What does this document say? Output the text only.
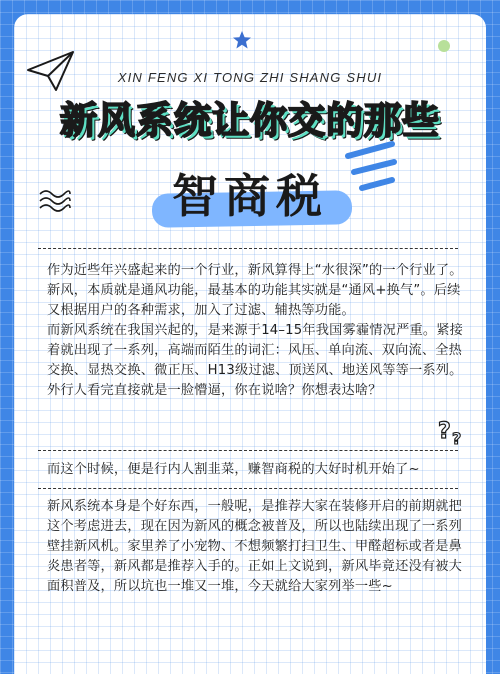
? ?
XIN FENG XI TONG ZHI SHANG SHUI
新风系统让你交的那些
智商税

作为近些年兴盛起来的一个行业，新风算得上“水很深”的一个行业了。

新风，本质就是通风功能，最基本的功能其实就是“通风+换气”。后续又根据用户的各种需求，加入了过滤、辅热等功能。

而新风系统在我国兴起的，是来源于14–15年我国雾霾情况严重。紧接着就出现了一系列，高端而陌生的词汇：风压、单向流、双向流、全热交换、显热交换、微正压、H13级过滤、顶送风、地送风等等一系列。外行人看完直接就是一脸懵逼，你在说啥？你想表达啥？

而这个时候，便是行内人割韭菜，赚智商税的大好时机开始了~

新风系统本身是个好东西，一般呢，是推荐大家在装修开启的前期就把这个考虑进去，现在因为新风的概念被普及，所以也陆续出现了一系列壁挂新风机。家里养了小宠物、不想频繁打扫卫生、甲醛超标或者是鼻炎患者等，新风都是推荐入手的。正如上文说到，新风毕竟还没有被大面积普及，所以坑也一堆又一堆，今天就给大家列举一些~
